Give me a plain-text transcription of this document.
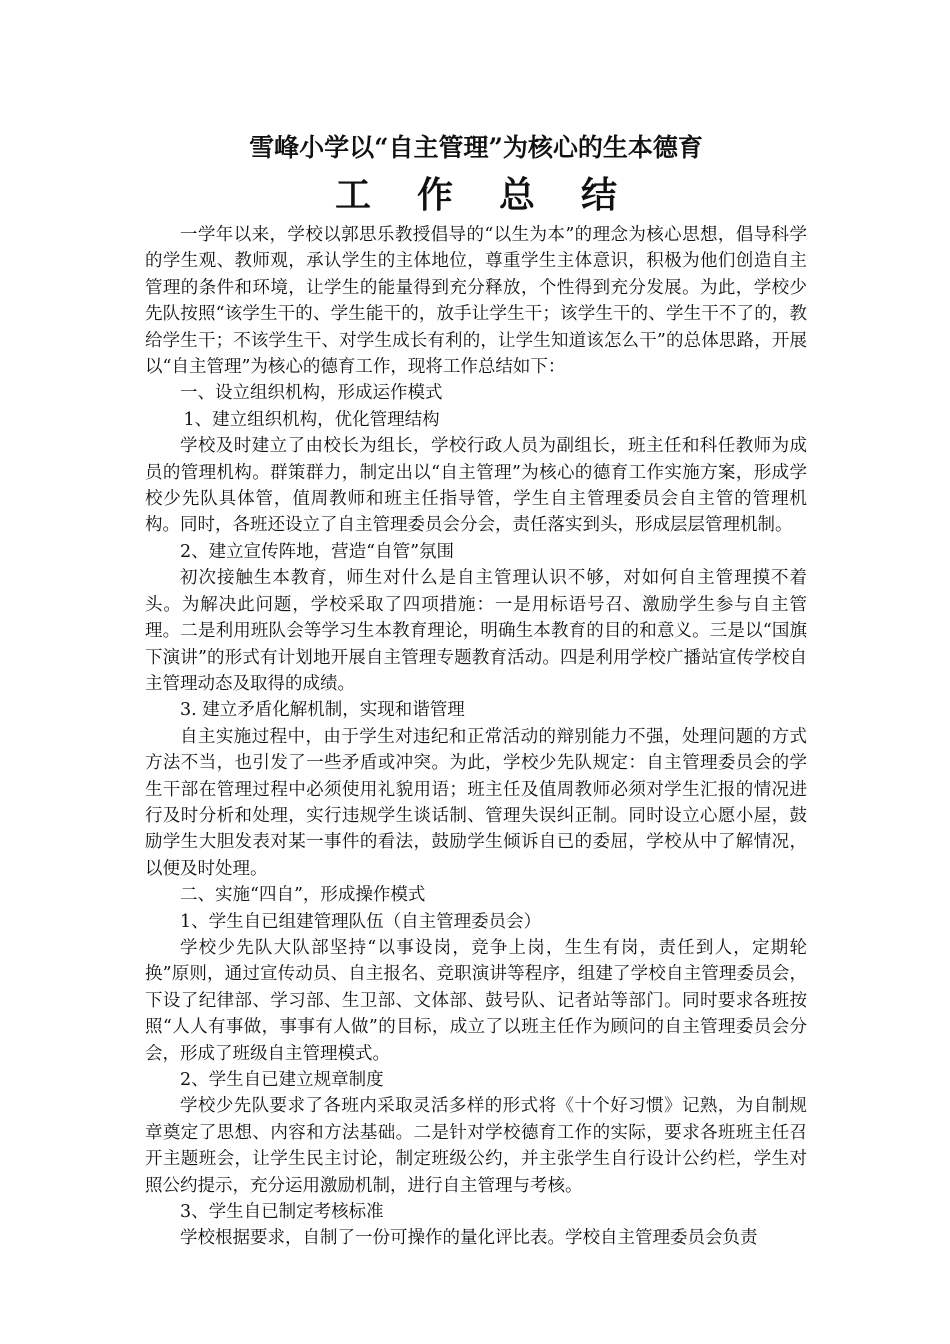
雪峰小学以“自主管理”为核心的生本德育
工作总结

一学年以来，学校以郭思乐教授倡导的“以生为本”的理念为核心思想，倡导科学的学生观、教师观，承认学生的主体地位，尊重学生主体意识，积极为他们创造自主管理的条件和环境，让学生的能量得到充分释放，个性得到充分发展。为此，学校少先队按照“该学生干的、学生能干的，放手让学生干；该学生干的、学生干不了的，教给学生干；不该学生干、对学生成长有利的，让学生知道该怎么干”的总体思路，开展以“自主管理”为核心的德育工作，现将工作总结如下：

一、设立组织机构，形成运作模式

1、建立组织机构，优化管理结构

学校及时建立了由校长为组长，学校行政人员为副组长，班主任和科任教师为成员的管理机构。群策群力，制定出以“自主管理”为核心的德育工作实施方案，形成学校少先队具体管，值周教师和班主任指导管，学生自主管理委员会自主管的管理机构。同时，各班还设立了自主管理委员会分会，责任落实到头，形成层层管理机制。

2、建立宣传阵地，营造“自管”氛围

初次接触生本教育，师生对什么是自主管理认识不够，对如何自主管理摸不着头。为解决此问题，学校采取了四项措施：一是用标语号召、激励学生参与自主管理。二是利用班队会等学习生本教育理论，明确生本教育的目的和意义。三是以“国旗下演讲”的形式有计划地开展自主管理专题教育活动。四是利用学校广播站宣传学校自主管理动态及取得的成绩。

3. 建立矛盾化解机制，实现和谐管理

自主实施过程中，由于学生对违纪和正常活动的辩别能力不强，处理问题的方式方法不当，也引发了一些矛盾或冲突。为此，学校少先队规定：自主管理委员会的学生干部在管理过程中必须使用礼貌用语；班主任及值周教师必须对学生汇报的情况进行及时分析和处理，实行违规学生谈话制、管理失误纠正制。同时设立心愿小屋，鼓励学生大胆发表对某一事件的看法，鼓励学生倾诉自已的委屈，学校从中了解情况，以便及时处理。

二、实施“四自”，形成操作模式

1、学生自已组建管理队伍（自主管理委员会）

学校少先队大队部坚持“以事设岗，竞争上岗，生生有岗，责任到人，定期轮换”原则，通过宣传动员、自主报名、竞职演讲等程序，组建了学校自主管理委员会，下设了纪律部、学习部、生卫部、文体部、鼓号队、记者站等部门。同时要求各班按照“人人有事做，事事有人做”的目标，成立了以班主任作为顾问的自主管理委员会分会，形成了班级自主管理模式。

2、学生自已建立规章制度

学校少先队要求了各班内采取灵活多样的形式将《十个好习惯》记熟，为自制规章奠定了思想、内容和方法基础。二是针对学校德育工作的实际，要求各班班主任召开主题班会，让学生民主讨论，制定班级公约，并主张学生自行设计公约栏，学生对照公约提示，充分运用激励机制，进行自主管理与考核。

3、学生自已制定考核标准

学校根据要求，自制了一份可操作的量化评比表。学校自主管理委员会负责
